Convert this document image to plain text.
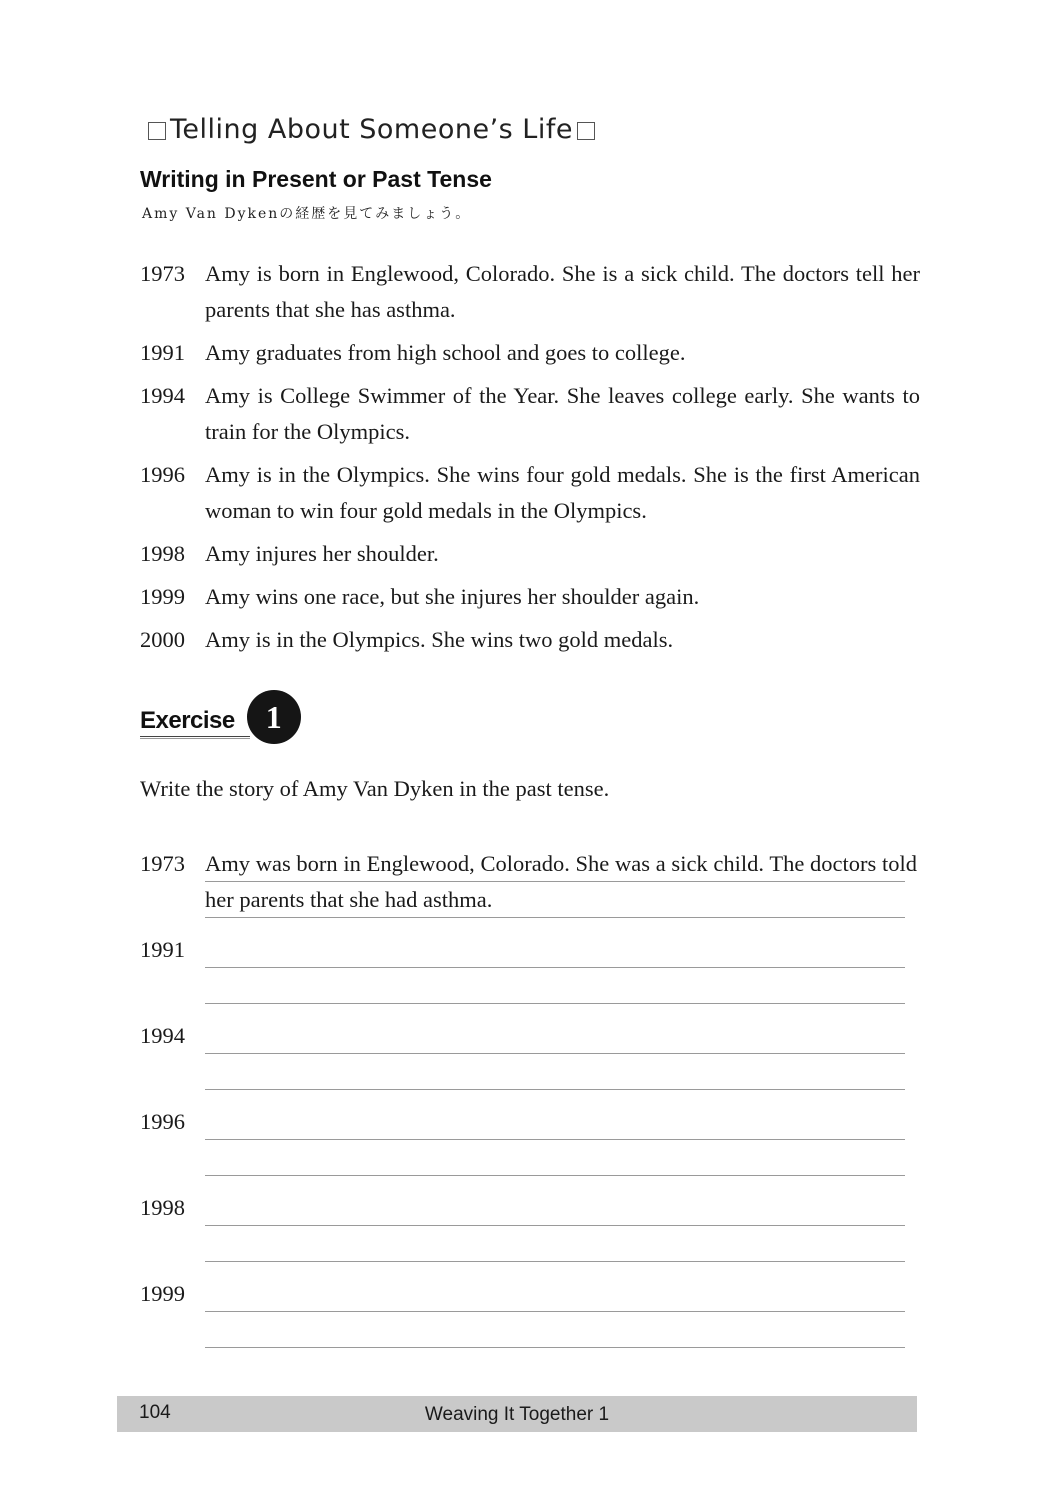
Telling About Someone’s Life
Writing in Present or Past Tense
Amy Van Dykenの経歴を見てみましょう。
1973 Amy is born in Englewood, Colorado. She is a sick child. The doctors tell her parents that she has asthma.
1991 Amy graduates from high school and goes to college.
1994 Amy is College Swimmer of the Year. She leaves college early. She wants to train for the Olympics.
1996 Amy is in the Olympics. She wins four gold medals. She is the first American woman to win four gold medals in the Olympics.
1998 Amy injures her shoulder.
1999 Amy wins one race, but she injures her shoulder again.
2000 Amy is in the Olympics. She wins two gold medals.
Exercise 1
Write the story of Amy Van Dyken in the past tense.
1973 Amy was born in Englewood, Colorado. She was a sick child. The doctors told her parents that she had asthma.
1991
1994
1996
1998
1999
104	Weaving It Together 1
